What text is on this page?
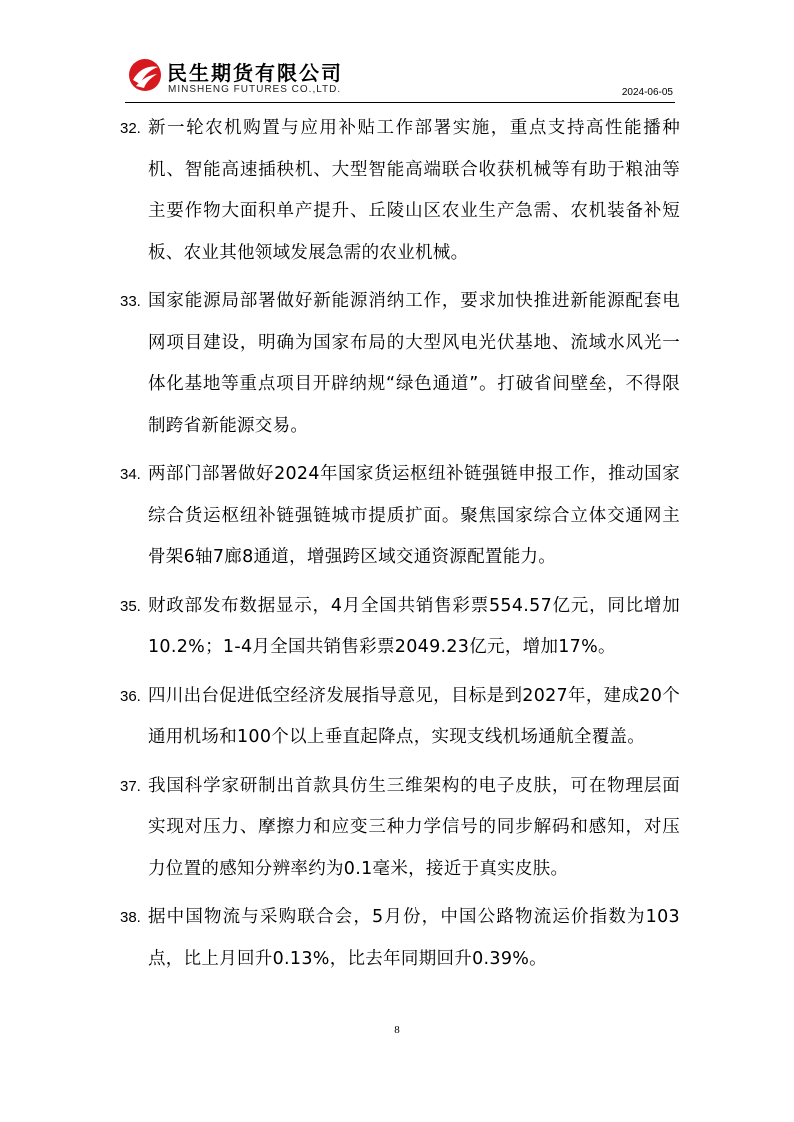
民生期货有限公司
MINSHENG FUTURES CO.,LTD.	2024-06-05
32. 新一轮农机购置与应用补贴工作部署实施，重点支持高性能播种机、智能高速插秧机、大型智能高端联合收获机械等有助于粮油等主要作物大面积单产提升、丘陵山区农业生产急需、农机装备补短板、农业其他领域发展急需的农业机械。
33. 国家能源局部署做好新能源消纳工作，要求加快推进新能源配套电网项目建设，明确为国家布局的大型风电光伏基地、流域水风光一体化基地等重点项目开辟纳规“绿色通道”。打破省间壁垒，不得限制跨省新能源交易。
34. 两部门部署做好2024年国家货运枢纽补链强链申报工作，推动国家综合货运枢纽补链强链城市提质扩面。聚焦国家综合立体交通网主骨架6轴7廊8通道，增强跨区域交通资源配置能力。
35. 财政部发布数据显示，4月全国共销售彩票554.57亿元，同比增加10.2%；1-4月全国共销售彩票2049.23亿元，增加17%。
36. 四川出台促进低空经济发展指导意见，目标是到2027年，建成20个通用机场和100个以上垂直起降点，实现支线机场通航全覆盖。
37. 我国科学家研制出首款具仿生三维架构的电子皮肤，可在物理层面实现对压力、摩擦力和应变三种力学信号的同步解码和感知，对压力位置的感知分辨率约为0.1毫米，接近于真实皮肤。
38. 据中国物流与采购联合会，5月份，中国公路物流运价指数为103点，比上月回升0.13%，比去年同期回升0.39%。
8
